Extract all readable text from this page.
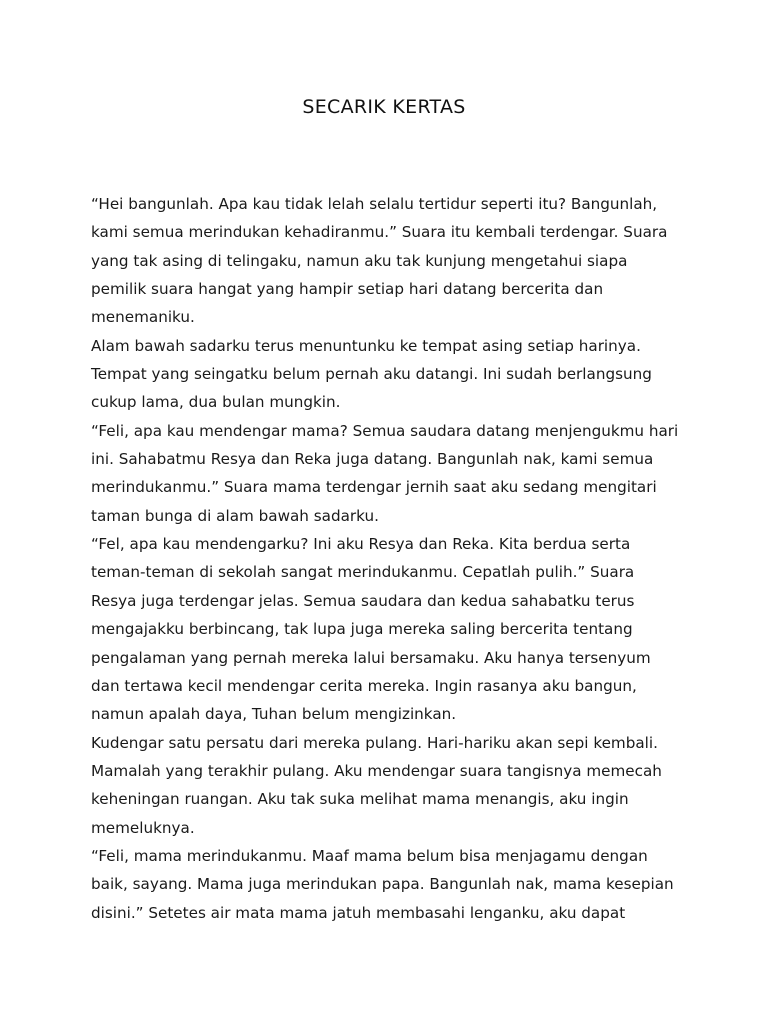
SECARIK KERTAS
“Hei bangunlah. Apa kau tidak lelah selalu tertidur seperti itu? Bangunlah,
kami semua merindukan kehadiranmu.” Suara itu kembali terdengar. Suara
yang tak asing di telingaku, namun aku tak kunjung mengetahui siapa
pemilik suara hangat yang hampir setiap hari datang bercerita dan
menemaniku.
Alam bawah sadarku terus menuntunku ke tempat asing setiap harinya.
Tempat yang seingatku belum pernah aku datangi. Ini sudah berlangsung
cukup lama, dua bulan mungkin.
“Feli, apa kau mendengar mama? Semua saudara datang menjengukmu hari
ini. Sahabatmu Resya dan Reka juga datang. Bangunlah nak, kami semua
merindukanmu.” Suara mama terdengar jernih saat aku sedang mengitari
taman bunga di alam bawah sadarku.
“Fel, apa kau mendengarku? Ini aku Resya dan Reka. Kita berdua serta
teman-teman di sekolah sangat merindukanmu. Cepatlah pulih.” Suara
Resya juga terdengar jelas. Semua saudara dan kedua sahabatku terus
mengajakku berbincang, tak lupa juga mereka saling bercerita tentang
pengalaman yang pernah mereka lalui bersamaku. Aku hanya tersenyum
dan tertawa kecil mendengar cerita mereka. Ingin rasanya aku bangun,
namun apalah daya, Tuhan belum mengizinkan.
Kudengar satu persatu dari mereka pulang. Hari-hariku akan sepi kembali.
Mamalah yang terakhir pulang. Aku mendengar suara tangisnya memecah
keheningan ruangan. Aku tak suka melihat mama menangis, aku ingin
memeluknya.
“Feli, mama merindukanmu. Maaf mama belum bisa menjagamu dengan
baik, sayang. Mama juga merindukan papa. Bangunlah nak, mama kesepian
disini.” Setetes air mata mama jatuh membasahi lenganku, aku dapat
